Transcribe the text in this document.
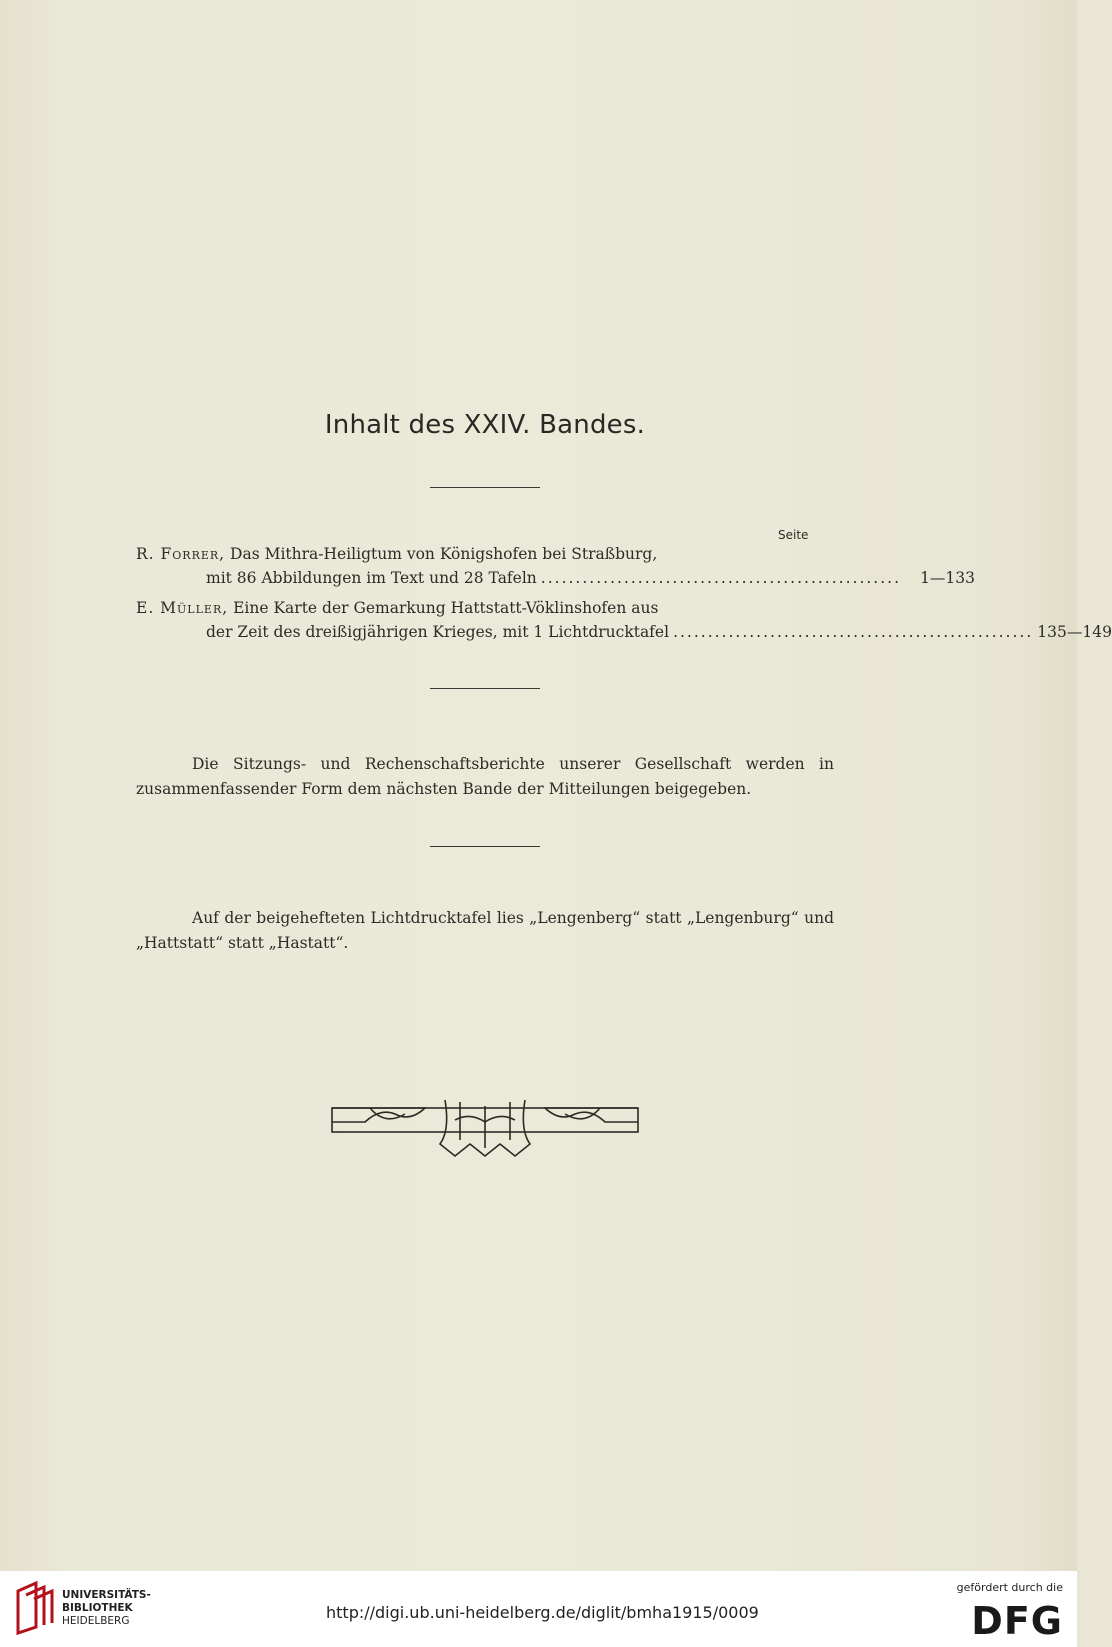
Inhalt des XXIV. Bandes.
Seite
R. Forrer, Das Mithra-Heiligtum von Königshofen bei Straßburg,
mit 86 Abbildungen im Text und 28 Tafeln ....................................................	1—133
E. Müller, Eine Karte der Gemarkung Hattstatt-Vöklinshofen aus
der Zeit des dreißigjährigen Krieges, mit 1 Lichtdrucktafel .................................................... 135—149
Die Sitzungs- und Rechenschaftsberichte unserer Gesellschaft werden in zusammenfassender Form dem nächsten Bande der Mitteilungen beigegeben.
Auf der beigehefteten Lichtdrucktafel lies „Lengenberg“ statt „Lengenburg“ und „Hattstatt“ statt „Hastatt“.
UNIVERSITÄTS-
BIBLIOTHEK
HEIDELBERG	http://digi.ub.uni-heidelberg.de/diglit/bmha1915/0009
gefördert durch die
DFG
